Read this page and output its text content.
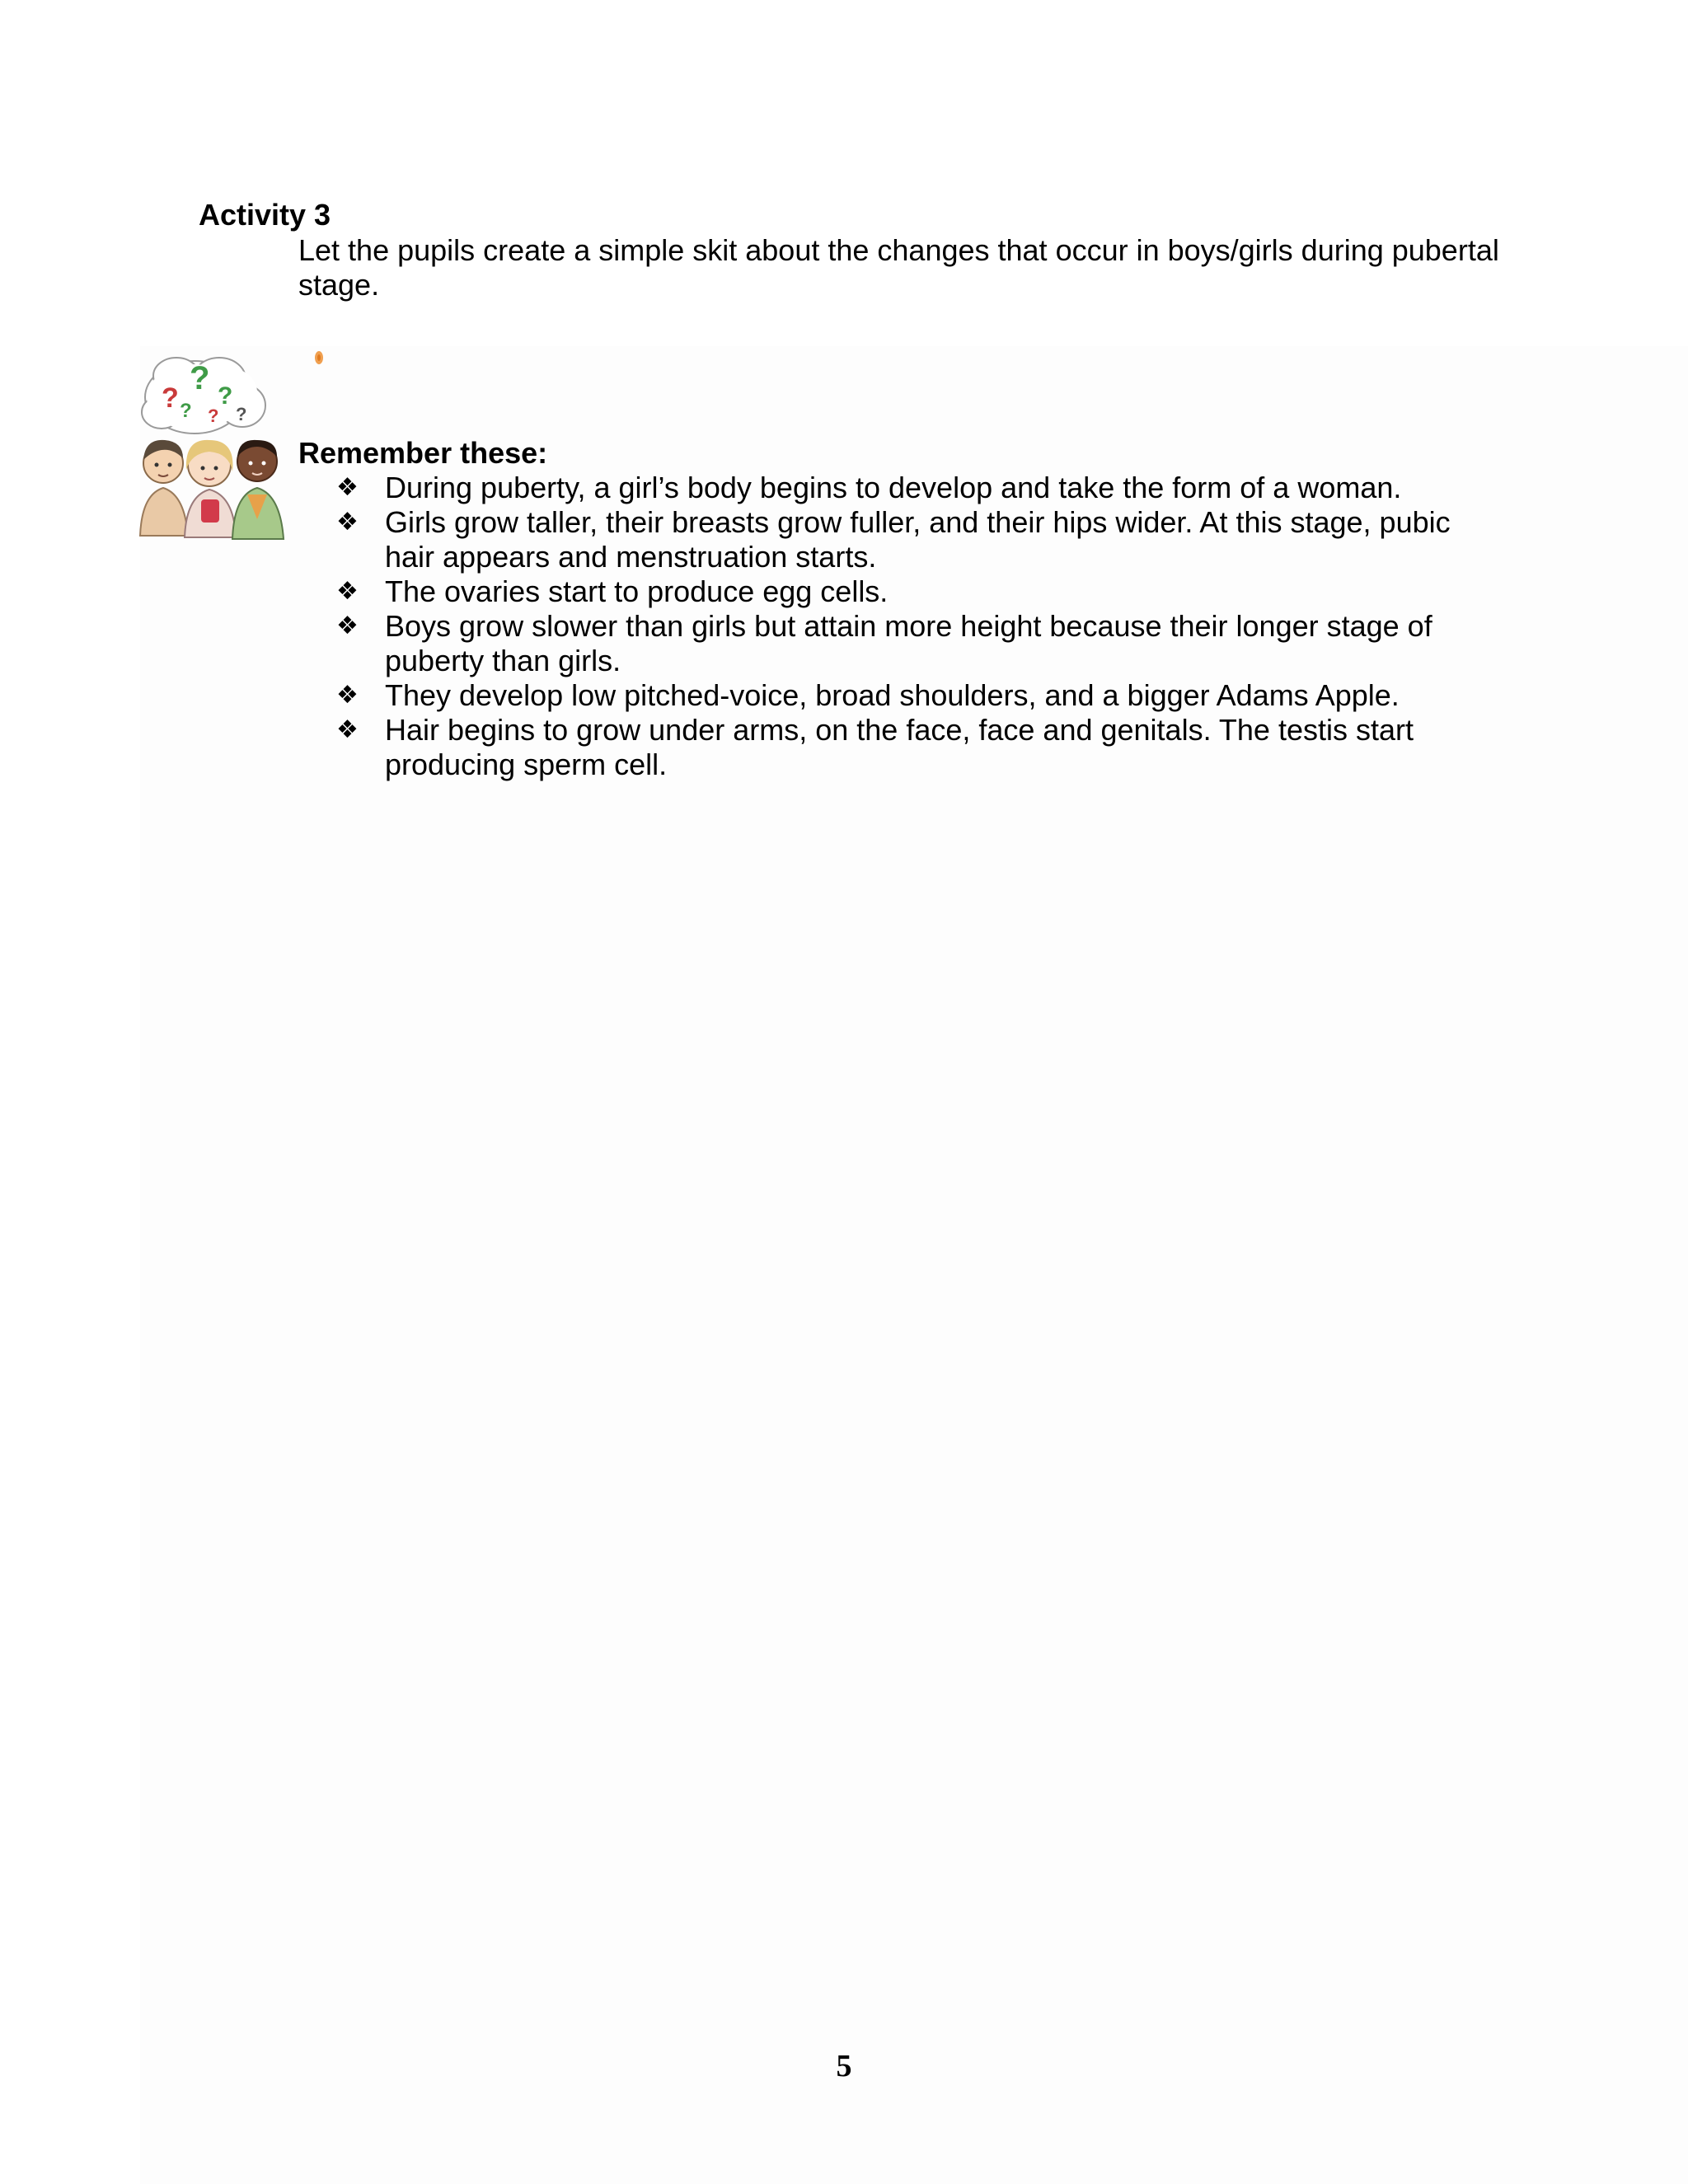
Activity 3

Let the pupils create a simple skit about the changes that occur in boys/girls during pubertal stage.

?
? ?
? ? ?
Remember these:
❖ During puberty, a girl’s body begins to develop and take the form of a woman.
❖ Girls grow taller, their breasts grow fuller, and their hips wider. At this stage, pubic hair appears and menstruation starts.
❖ The ovaries start to produce egg cells.
❖ Boys grow slower than girls but attain more height because their longer stage of puberty than girls.
❖ They develop low pitched-voice, broad shoulders, and a bigger Adams Apple.
❖ Hair begins to grow under arms, on the face, face and genitals. The testis start producing sperm cell.

5
